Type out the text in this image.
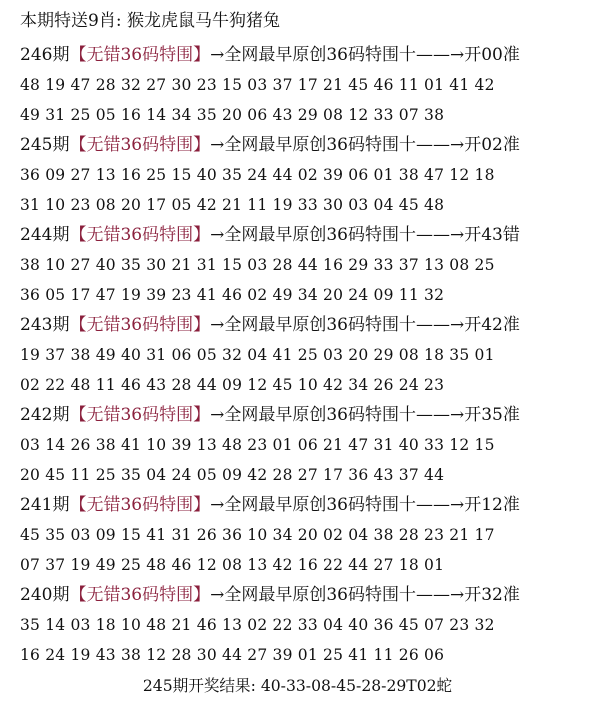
本期特送9肖: 猴龙虎鼠马牛狗猪兔
246期【无错36码特围】→全网最早原创36码特围十——→开00准
48 19 47 28 32 27 30 23 15 03 37 17 21 45 46 11 01 41 42
49 31 25 05 16 14 34 35 20 06 43 29 08 12 33 07 38
245期【无错36码特围】→全网最早原创36码特围十——→开02准
36 09 27 13 16 25 15 40 35 24 44 02 39 06 01 38 47 12 18
31 10 23 08 20 17 05 42 21 11 19 33 30 03 04 45 48
244期【无错36码特围】→全网最早原创36码特围十——→开43错
38 10 27 40 35 30 21 31 15 03 28 44 16 29 33 37 13 08 25
36 05 17 47 19 39 23 41 46 02 49 34 20 24 09 11 32
243期【无错36码特围】→全网最早原创36码特围十——→开42准
19 37 38 49 40 31 06 05 32 04 41 25 03 20 29 08 18 35 01
02 22 48 11 46 43 28 44 09 12 45 10 42 34 26 24 23
242期【无错36码特围】→全网最早原创36码特围十——→开35准
03 14 26 38 41 10 39 13 48 23 01 06 21 47 31 40 33 12 15
20 45 11 25 35 04 24 05 09 42 28 27 17 36 43 37 44
241期【无错36码特围】→全网最早原创36码特围十——→开12准
45 35 03 09 15 41 31 26 36 10 34 20 02 04 38 28 23 21 17
07 37 19 49 25 48 46 12 08 13 42 16 22 44 27 18 01
240期【无错36码特围】→全网最早原创36码特围十——→开32准
35 14 03 18 10 48 21 46 13 02 22 33 04 40 36 45 07 23 32
16 24 19 43 38 12 28 30 44 27 39 01 25 41 11 26 06
245期开奖结果: 40-33-08-45-28-29T02蛇
